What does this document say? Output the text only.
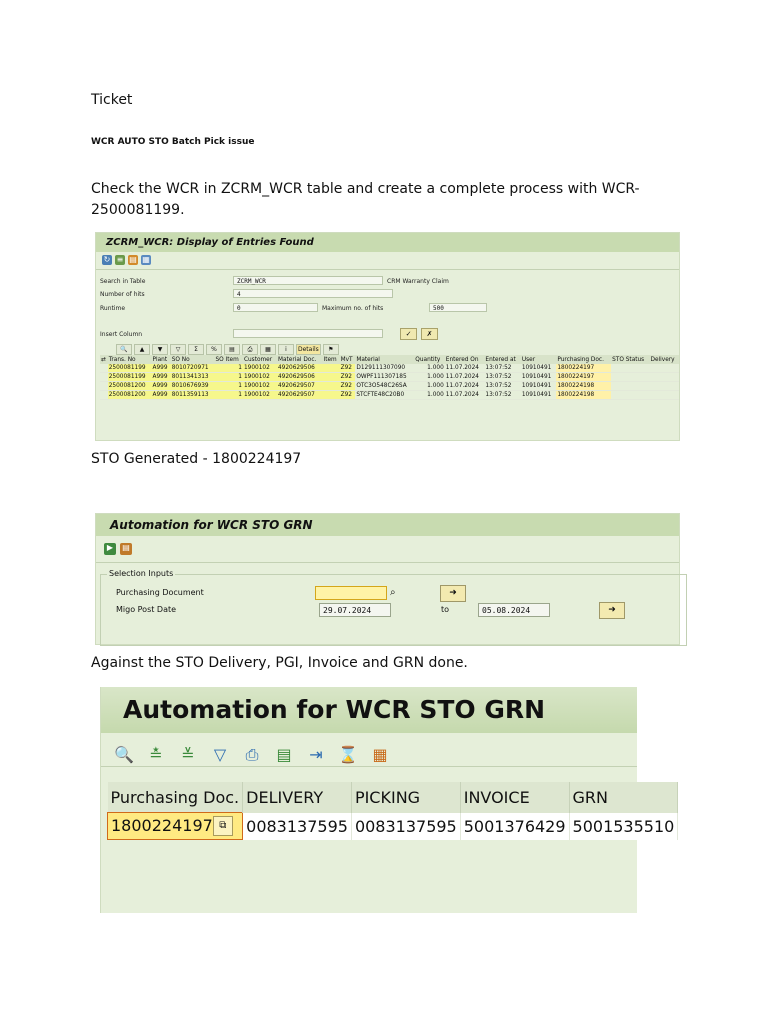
Ticket
WCR AUTO STO Batch Pick issue
Check the WCR in ZCRM_WCR table and create a complete process with WCR- 2500081199.
ZCRM_WCR: Display of Entries Found
↻ ≡ ▤ ▦
Search in Table	ZCRM_WCR	CRM Warranty Claim
Number of hits	4
Runtime	0	Maximum no. of hits	500
Insert Column	✓	✗
🔍	▲	▼	▽	Σ	%	▤	⎙	▦	i	Details	⚑
⇄	Trans. No	Plant	SO No	SO Item	Customer	Material Doc.	Item	MvT	Material	Quantity	Entered On	Entered at	User	Purchasing Doc.	STO Status	Delivery
	2500081199	A999	8010720971	1	1900102	4920629506		Z92	D129111307090	1.000	11.07.2024	13:07:52	10910491	1800224197		
	2500081199	A999	8011341313	1	1900102	4920629506		Z92	OWPF111307185	1.000	11.07.2024	13:07:52	10910491	1800224197		
	2500081200	A999	8010676939	1	1900102	4920629507		Z92	OTC3O548C26SA	1.000	11.07.2024	13:07:52	10910491	1800224198		
	2500081200	A999	8011359113	1	1900102	4920629507		Z92	STCFTE48C20B0	1.000	11.07.2024	13:07:52	10910491	1800224198		
STO Generated - 1800224197
Automation for WCR STO GRN
▶	▤
Selection Inputs
Purchasing Document	⌕	➜
Migo Post Date	29.07.2024	to	05.08.2024	➜
Against the STO Delivery, PGI, Invoice and GRN done.
Automation for WCR STO GRN
🔍 ≛ ≚	▽	⎙ ▤ ⇥ ⌛ ▦
Purchasing Doc.	DELIVERY	PICKING	INVOICE	GRN
1800224197 ⧉	0083137595	0083137595	5001376429	5001535510
